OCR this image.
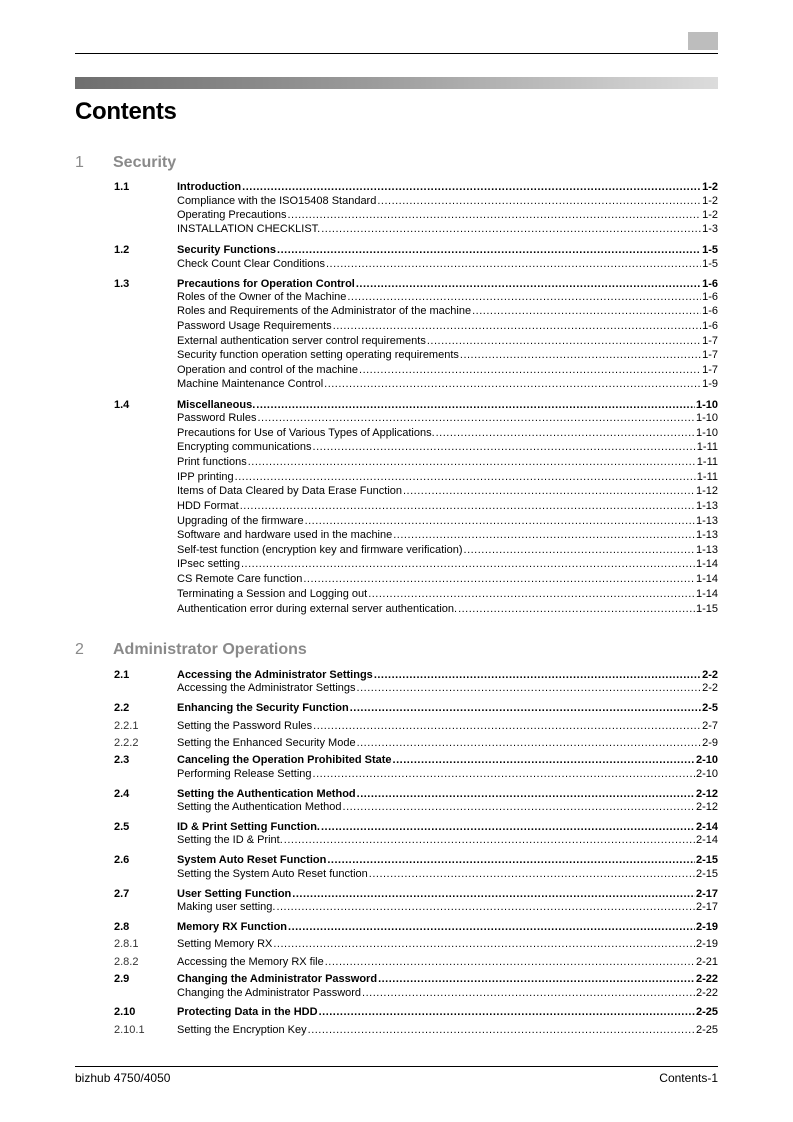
Contents
1 Security
2 Administrator Operations
1.1	Introduction .....	1-2
Compliance with the ISO15408 Standard .....	1-2
Operating Precautions .....	1-2
INSTALLATION CHECKLIST. .....	1-3
1.2	Security Functions .....	1-5
Check Count Clear Conditions .....	1-5
1.3	Precautions for Operation Control .....	1-6
Roles of the Owner of the Machine .....	1-6
Roles and Requirements of the Administrator of the machine .....	1-6
Password Usage Requirements .....	1-6
External authentication server control requirements .....	1-7
Security function operation setting operating requirements .....	1-7
Operation and control of the machine .....	1-7
Machine Maintenance Control .....	1-9
1.4	Miscellaneous. .....	1-10
Password Rules .....	1-10
Precautions for Use of Various Types of Applications. .....	1-10
Encrypting communications .....	1-11
Print functions .....	1-11
IPP printing .....	1-11
Items of Data Cleared by Data Erase Function .....	1-12
HDD Format .....	1-13
Upgrading of the firmware .....	1-13
Software and hardware used in the machine .....	1-13
Self-test function (encryption key and firmware verification) .....	1-13
IPsec setting .....	1-14
CS Remote Care function .....	1-14
Terminating a Session and Logging out .....	1-14
Authentication error during external server authentication. .....	1-15
2.1	Accessing the Administrator Settings .....	2-2
Accessing the Administrator Settings .....	2-2
2.2	Enhancing the Security Function .....	2-5
2.2.1	Setting the Password Rules .....	2-7
2.2.2	Setting the Enhanced Security Mode .....	2-9
2.3	Canceling the Operation Prohibited State .....	2-10
Performing Release Setting .....	2-10
2.4	Setting the Authentication Method .....	2-12
Setting the Authentication Method .....	2-12
2.5	ID & Print Setting Function. .....	2-14
Setting the ID & Print. .....	2-14
2.6	System Auto Reset Function .....	2-15
Setting the System Auto Reset function .....	2-15
2.7	User Setting Function .....	2-17
Making user setting. .....	2-17
2.8	Memory RX Function .....	2-19
2.8.1	Setting Memory RX .....	2-19
2.8.2	Accessing the Memory RX file .....	2-21
2.9	Changing the Administrator Password .....	2-22
Changing the Administrator Password .....	2-22
2.10	Protecting Data in the HDD .....	2-25
2.10.1	Setting the Encryption Key .....	2-25
bizhub 4750/4050	Contents-1
